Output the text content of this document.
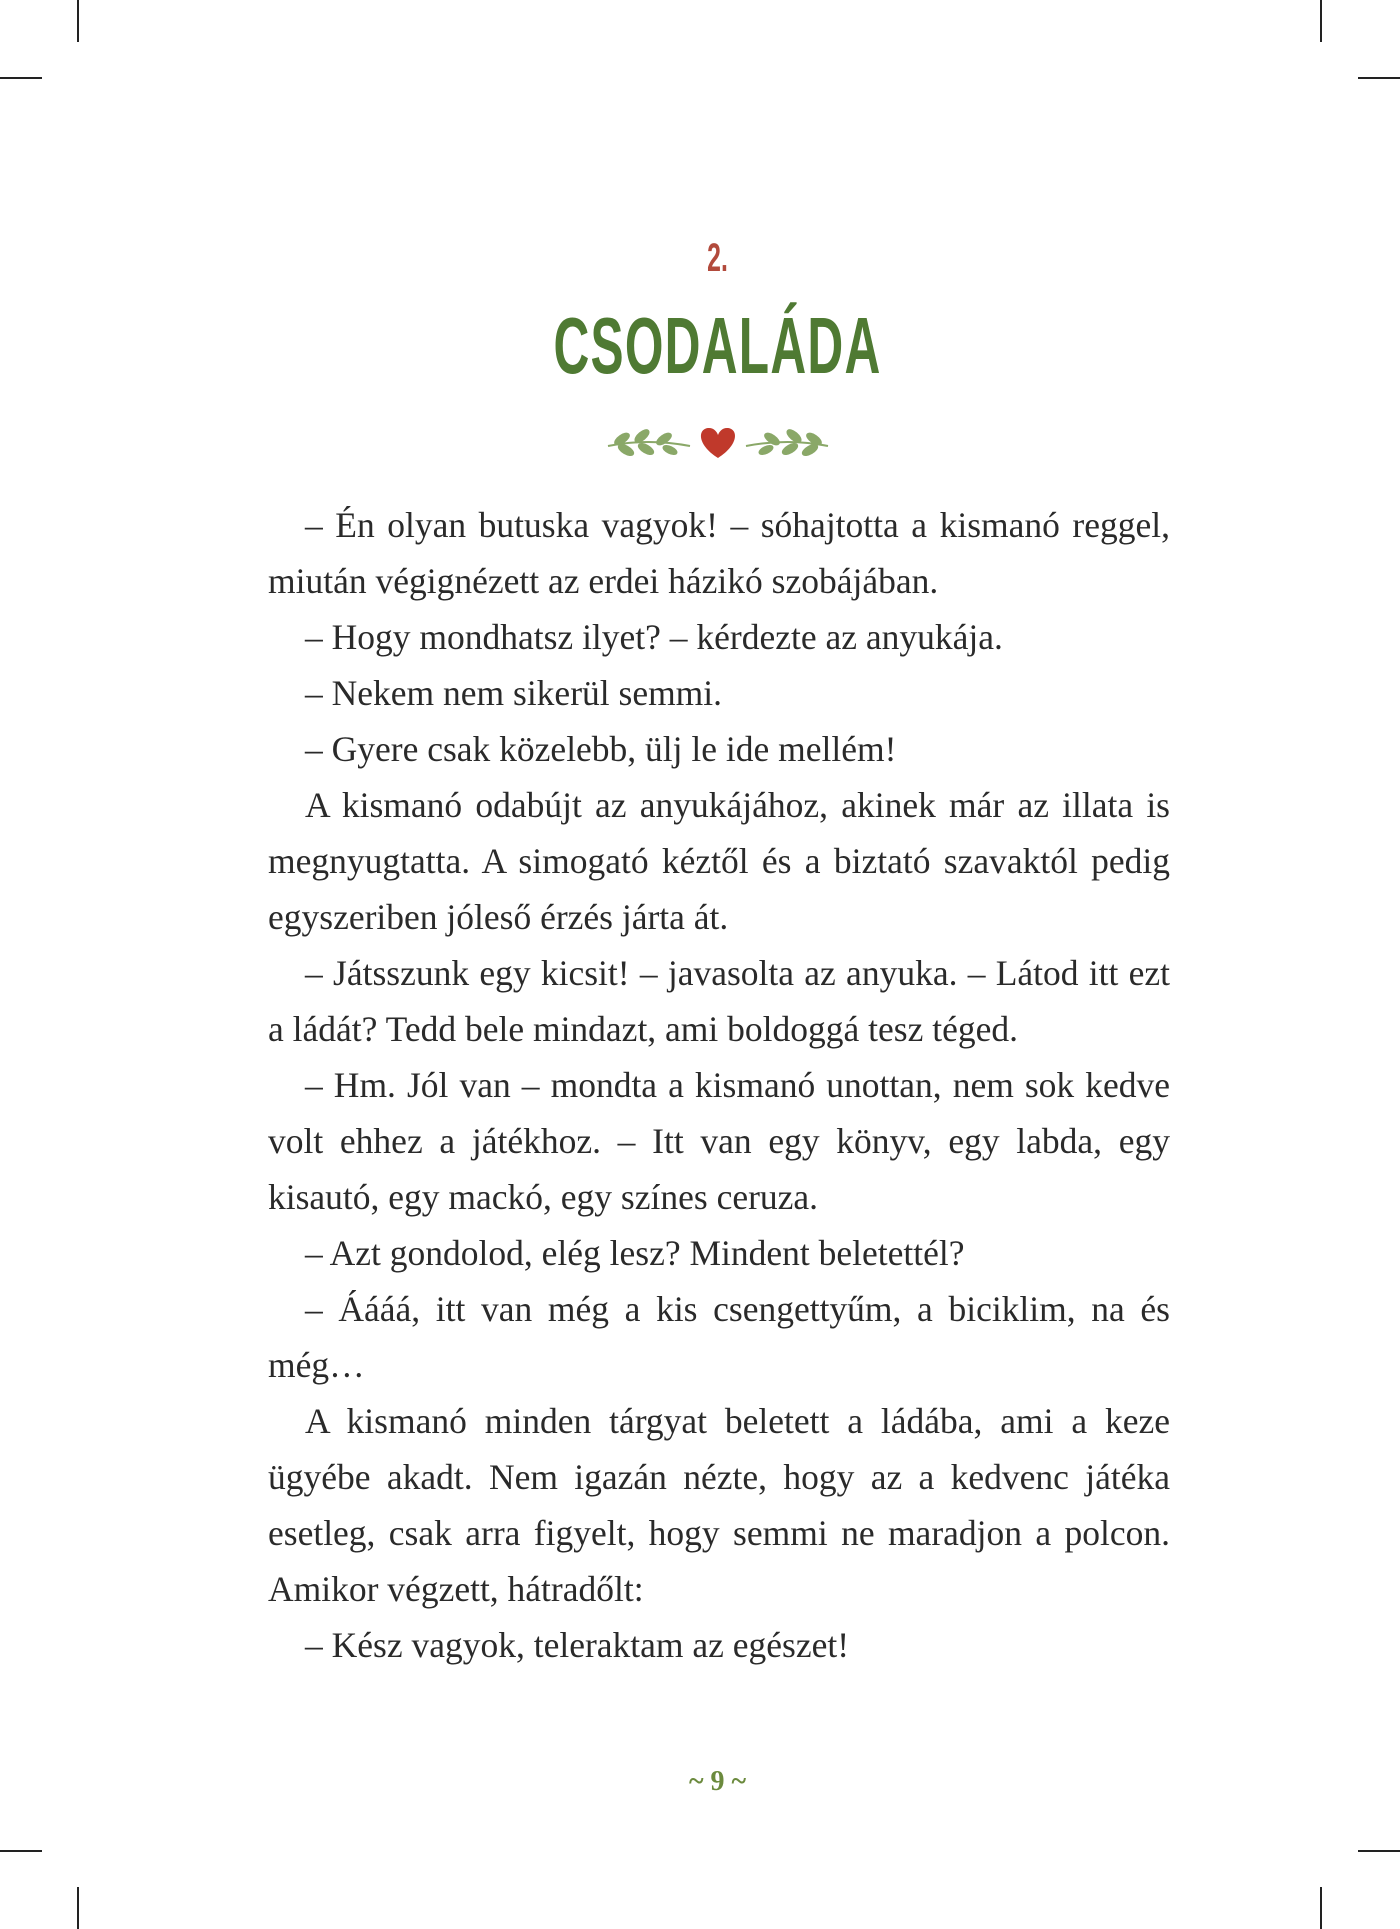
2.
CSODALÁDA

– Én olyan butuska vagyok! – sóhajtotta a kismanó reggel, miután végignézett az erdei házikó szobájában.

– Hogy mondhatsz ilyet? – kérdezte az anyukája.

– Nekem nem sikerül semmi.

– Gyere csak közelebb, ülj le ide mellém!

A kismanó odabújt az anyukájához, akinek már az illata is megnyugtatta. A simogató kéztől és a biztató szavaktól pedig egyszeriben jóleső érzés járta át.

– Játsszunk egy kicsit! – javasolta az anyuka. – Látod itt ezt a ládát? Tedd bele mindazt, ami boldoggá tesz téged.

– Hm. Jól van – mondta a kismanó unottan, nem sok kedve volt ehhez a játékhoz. – Itt van egy könyv, egy labda, egy kisautó, egy mackó, egy színes ceruza.

– Azt gondolod, elég lesz? Mindent beletettél?

– Áááá, itt van még a kis csengettyűm, a biciklim, na és még…

A kismanó minden tárgyat beletett a ládába, ami a keze ügyébe akadt. Nem igazán nézte, hogy az a kedvenc játéka esetleg, csak arra figyelt, hogy semmi ne maradjon a polcon. Amikor végzett, hátradőlt:

– Kész vagyok, teleraktam az egészet!

~ 9 ~
